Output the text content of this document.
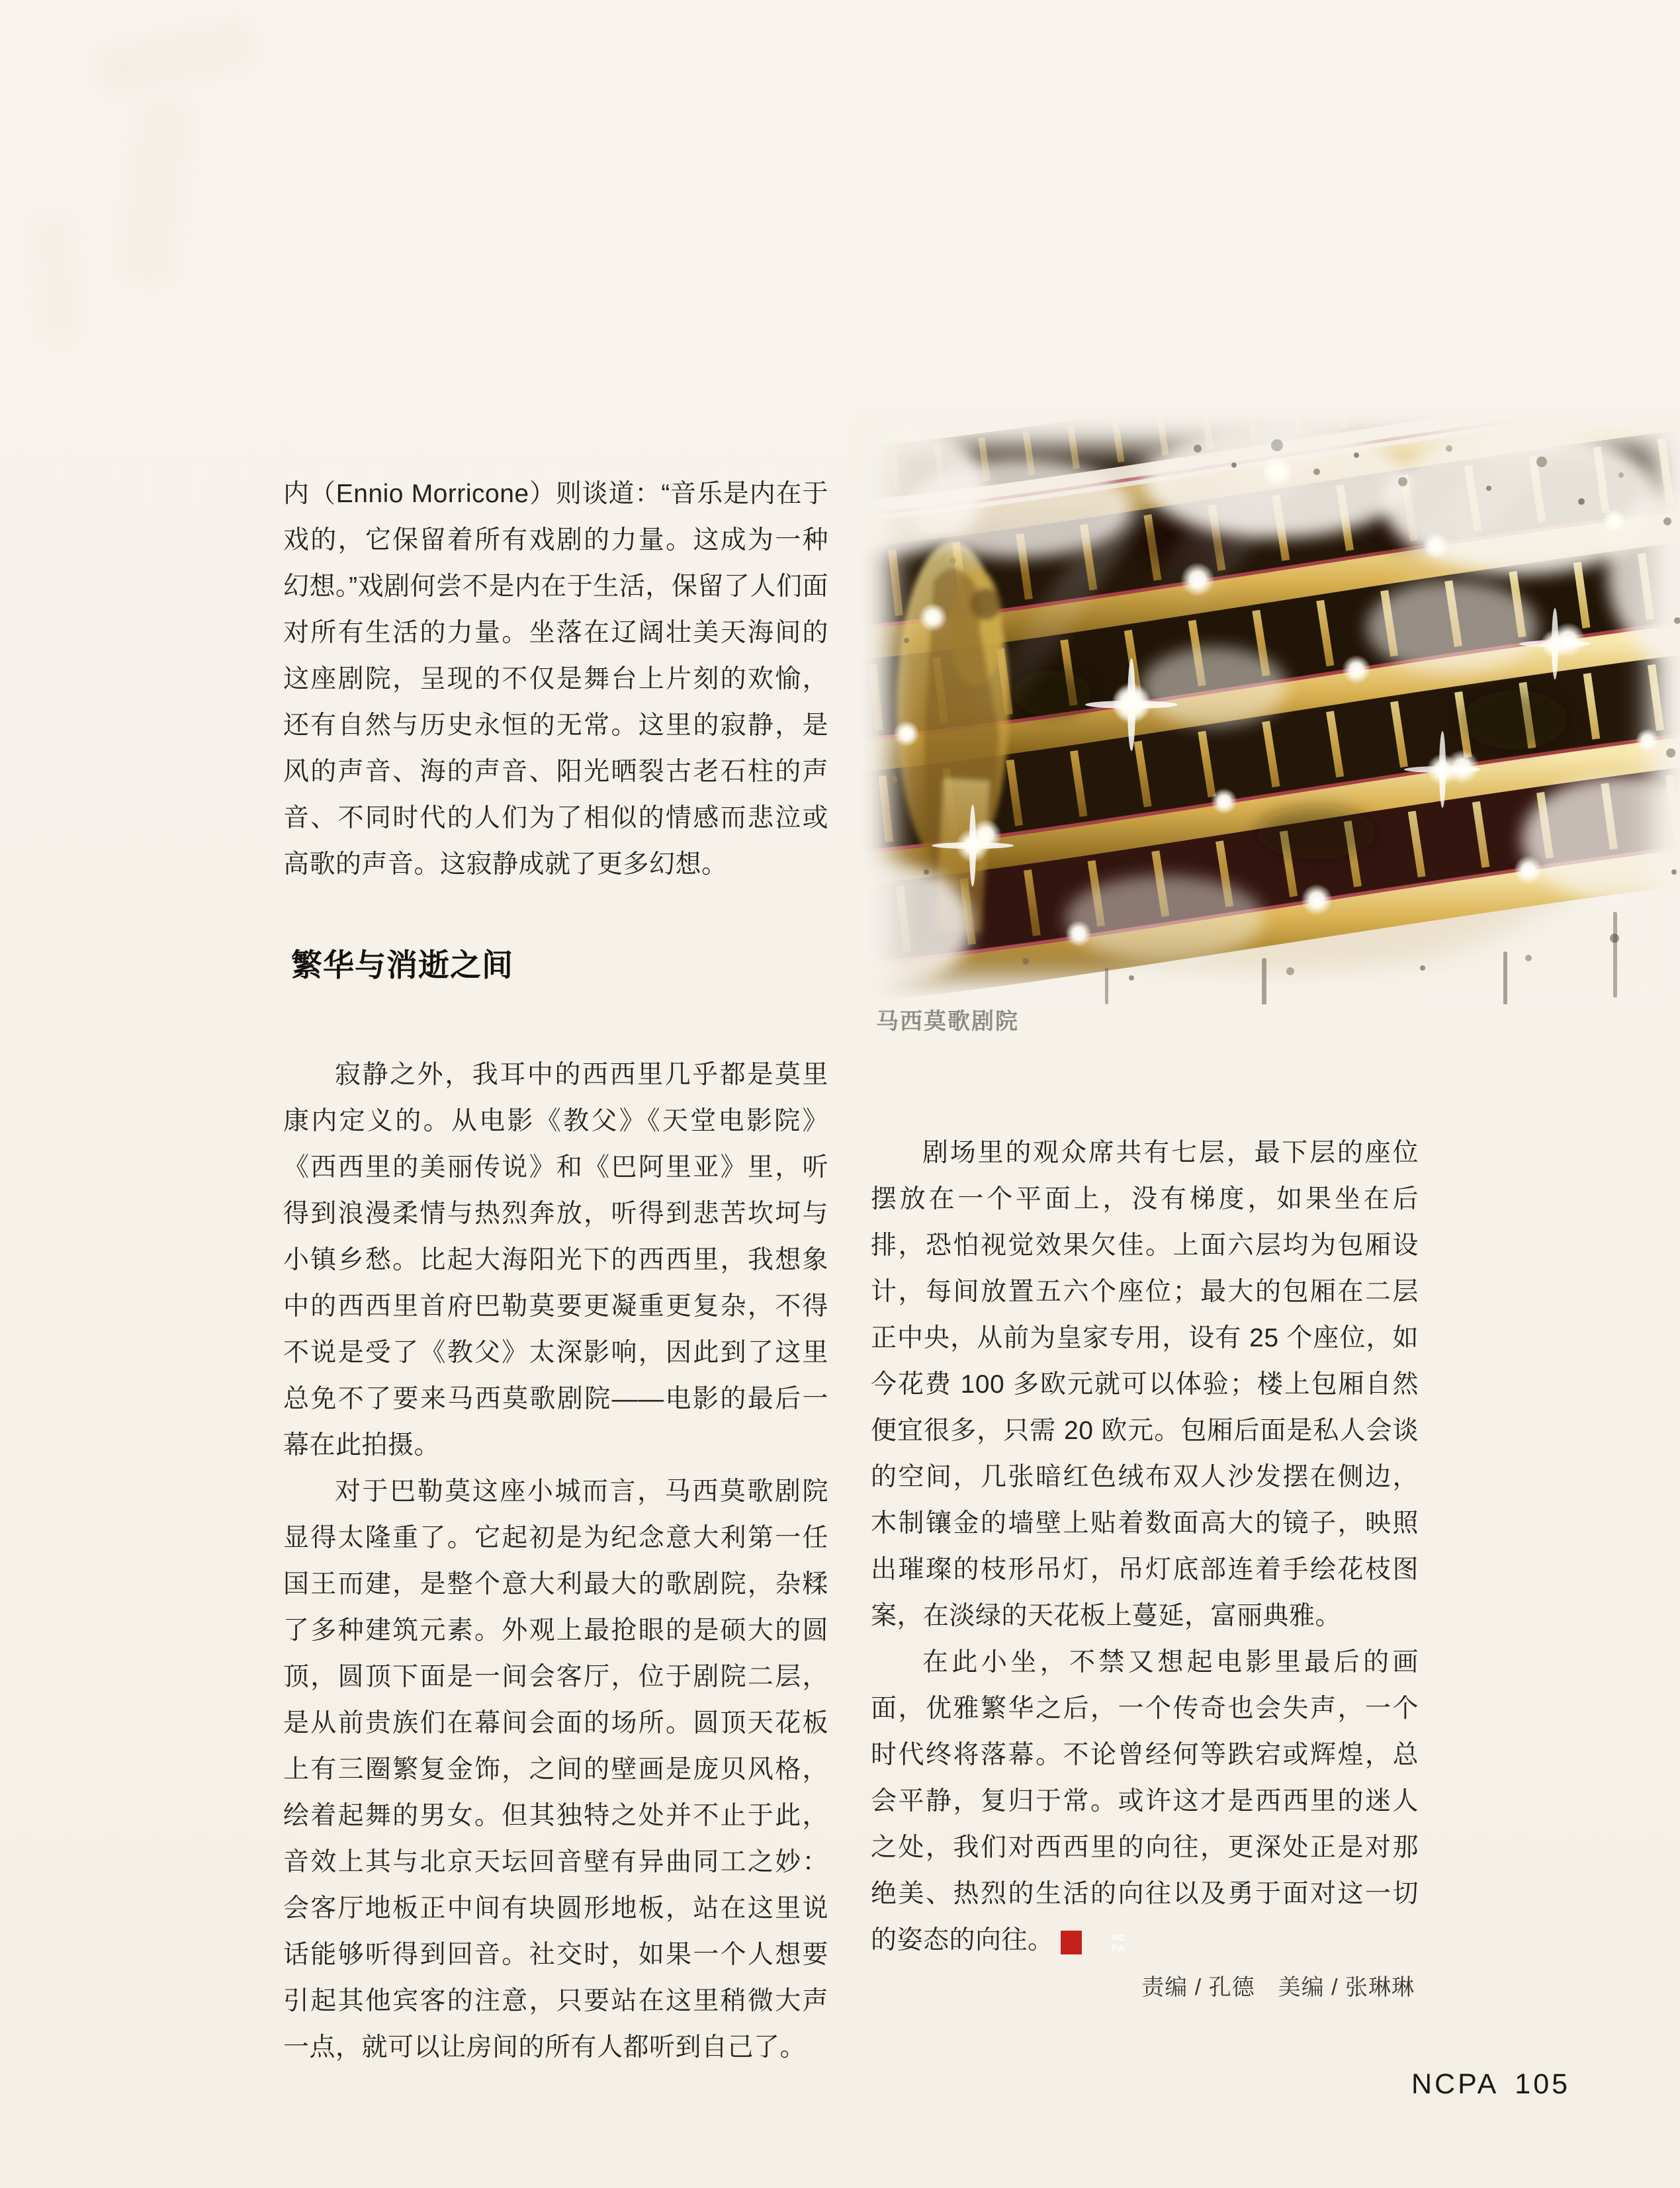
内（Ennio Morricone）则谈道：“音乐是内在于戏的，它保留着所有戏剧的力量。这成为一种幻想。”戏剧何尝不是内在于生活，保留了人们面对所有生活的力量。坐落在辽阔壮美天海间的这座剧院，呈现的不仅是舞台上片刻的欢愉，还有自然与历史永恒的无常。这里的寂静，是风的声音、海的声音、阳光晒裂古老石柱的声音、不同时代的人们为了相似的情感而悲泣或高歌的声音。这寂静成就了更多幻想。

繁华与消逝之间

寂静之外，我耳中的西西里几乎都是莫里康内定义的。从电影《教父》《天堂电影院》《西西里的美丽传说》和《巴阿里亚》里，听得到浪漫柔情与热烈奔放，听得到悲苦坎坷与小镇乡愁。比起大海阳光下的西西里，我想象中的西西里首府巴勒莫要更凝重更复杂，不得不说是受了《教父》太深影响，因此到了这里总免不了要来马西莫歌剧院——电影的最后一幕在此拍摄。

对于巴勒莫这座小城而言，马西莫歌剧院显得太隆重了。它起初是为纪念意大利第一任国王而建，是整个意大利最大的歌剧院，杂糅了多种建筑元素。外观上最抢眼的是硕大的圆顶，圆顶下面是一间会客厅，位于剧院二层，是从前贵族们在幕间会面的场所。圆顶天花板上有三圈繁复金饰，之间的壁画是庞贝风格，绘着起舞的男女。但其独特之处并不止于此，音效上其与北京天坛回音壁有异曲同工之妙：会客厅地板正中间有块圆形地板，站在这里说话能够听得到回音。社交时，如果一个人想要引起其他宾客的注意，只要站在这里稍微大声一点，就可以让房间的所有人都听到自己了。

马西莫歌剧院

剧场里的观众席共有七层，最下层的座位摆放在一个平面上，没有梯度，如果坐在后排，恐怕视觉效果欠佳。上面六层均为包厢设计，每间放置五六个座位；最大的包厢在二层正中央，从前为皇家专用，设有 25 个座位，如今花费 100 多欧元就可以体验；楼上包厢自然便宜很多，只需 20 欧元。包厢后面是私人会谈的空间，几张暗红色绒布双人沙发摆在侧边，木制镶金的墙壁上贴着数面高大的镜子，映照出璀璨的枝形吊灯，吊灯底部连着手绘花枝图案，在淡绿的天花板上蔓延，富丽典雅。

在此小坐，不禁又想起电影里最后的画面，优雅繁华之后，一个传奇也会失声，一个时代终将落幕。不论曾经何等跌宕或辉煌，总会平静，复归于常。或许这才是西西里的迷人之处，我们对西西里的向往，更深处正是对那绝美、热烈的生活的向往以及勇于面对这一切的姿态的向往。	NC
PA

责编 / 孔德　美编 / 张琳琳
NCPA 105
